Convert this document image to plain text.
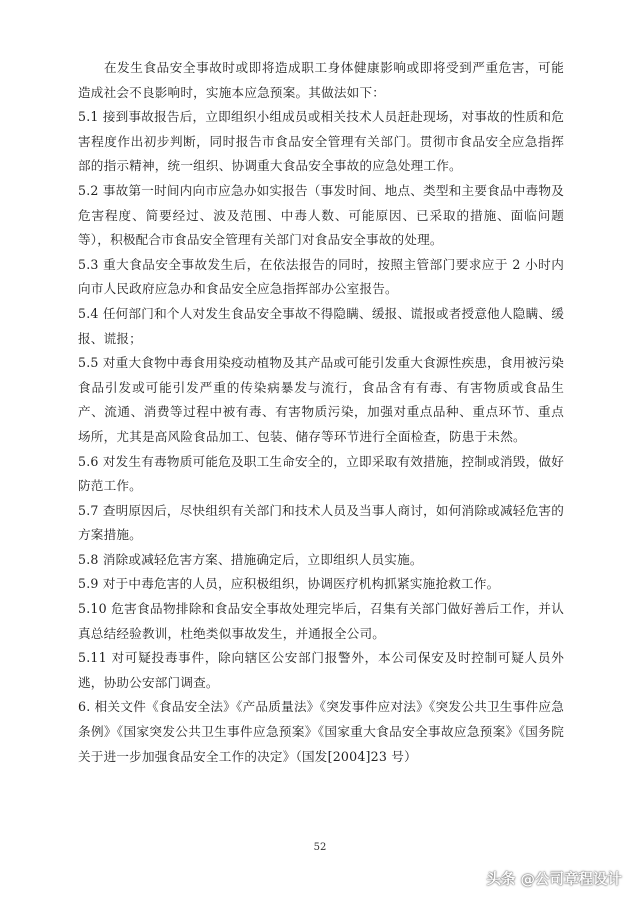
在发生食品安全事故时或即将造成职工身体健康影响或即将受到严重危害，可能造成社会不良影响时，实施本应急预案。其做法如下：

5.1 接到事故报告后，立即组织小组成员或相关技术人员赶赴现场，对事故的性质和危害程度作出初步判断，同时报告市食品安全管理有关部门。贯彻市食品安全应急指挥部的指示精神，统一组织、协调重大食品安全事故的应急处理工作。

5.2 事故第一时间内向市应急办如实报告（事发时间、地点、类型和主要食品中毒物及危害程度、简要经过、波及范围、中毒人数、可能原因、已采取的措施、面临问题等），积极配合市食品安全管理有关部门对食品安全事故的处理。

5.3 重大食品安全事故发生后，在依法报告的同时，按照主管部门要求应于 2 小时内向市人民政府应急办和食品安全应急指挥部办公室报告。

5.4 任何部门和个人对发生食品安全事故不得隐瞒、缓报、谎报或者授意他人隐瞒、缓报、谎报；

5.5 对重大食物中毒食用染疫动植物及其产品或可能引发重大食源性疾患，食用被污染食品引发或可能引发严重的传染病暴发与流行，食品含有有毒、有害物质或食品生产、流通、消费等过程中被有毒、有害物质污染，加强对重点品种、重点环节、重点场所，尤其是高风险食品加工、包装、储存等环节进行全面检查，防患于未然。

5.6 对发生有毒物质可能危及职工生命安全的，立即采取有效措施，控制或消毁，做好防范工作。

5.7 查明原因后，尽快组织有关部门和技术人员及当事人商讨，如何消除或减轻危害的方案措施。

5.8 消除或减轻危害方案、措施确定后，立即组织人员实施。

5.9 对于中毒危害的人员，应积极组织，协调医疗机构抓紧实施抢救工作。

5.10 危害食品物排除和食品安全事故处理完毕后，召集有关部门做好善后工作，并认真总结经验教训，杜绝类似事故发生，并通报全公司。

5.11 对可疑投毒事件，除向辖区公安部门报警外，本公司保安及时控制可疑人员外逃，协助公安部门调查。

6. 相关文件《食品安全法》《产品质量法》《突发事件应对法》《突发公共卫生事件应急条例》《国家突发公共卫生事件应急预案》《国家重大食品安全事故应急预案》《国务院关于进一步加强食品安全工作的决定》（国发[2004]23 号）

52
头条 @公司章程设计
